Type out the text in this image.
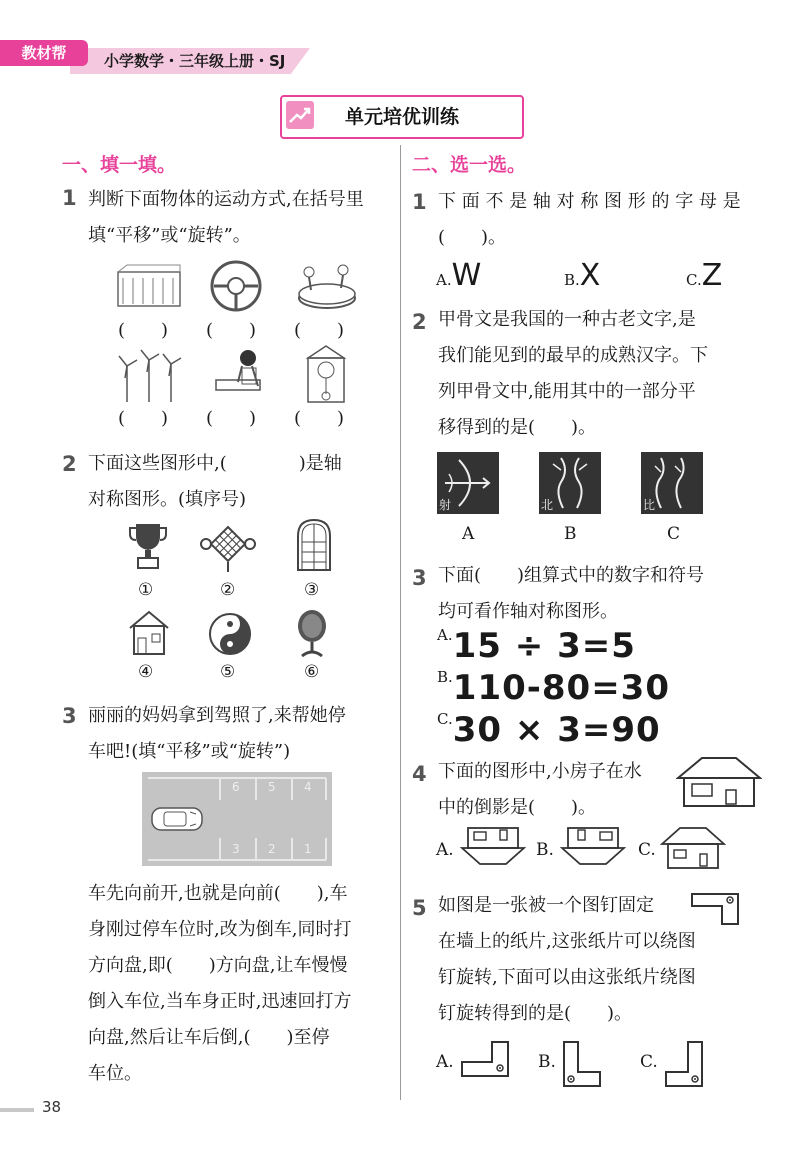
教材帮	小学数学・三年级上册・SJ
单元培优训练
一、填一填。
1 判断下面物体的运动方式,在括号里
填“平移”或“旋转”。
(　　) (　　) (　　)
(　　) (　　) (　　)
2 下面这些图形中,(　　　　)是轴
对称图形。(填序号)
①	②	③
④	⑤	⑥
3 丽丽的妈妈拿到驾照了,来帮她停
车吧!(填“平移”或“旋转”)
6 5 4
3 2 1
车先向前开,也就是向前(　　),车
身刚过停车位时,改为倒车,同时打
方向盘,即(　　)方向盘,让车慢慢
倒入车位,当车身正时,迅速回打方
向盘,然后让车后倒,(　　)至停
车位。
二、选一选。
1 下 面 不 是 轴 对 称 图 形 的 字 母 是
(　　)。
A.W	B.X	C.Z
2 甲骨文是我国的一种古老文字,是
我们能见到的最早的成熟汉字。下
列甲骨文中,能用其中的一部分平
移得到的是(　　)。
射	北	比
A	B	C
3 下面(　　)组算式中的数字和符号
均可看作轴对称图形。
A.15 ÷ 3=5
B.110-80=30
C.30 × 3=90
4 下面的图形中,小房子在水
中的倒影是(　　)。
A.	B.	C.
5 如图是一张被一个图钉固定
在墙上的纸片,这张纸片可以绕图
钉旋转,下面可以由这张纸片绕图
钉旋转得到的是(　　)。
A.	B.	C.
38
